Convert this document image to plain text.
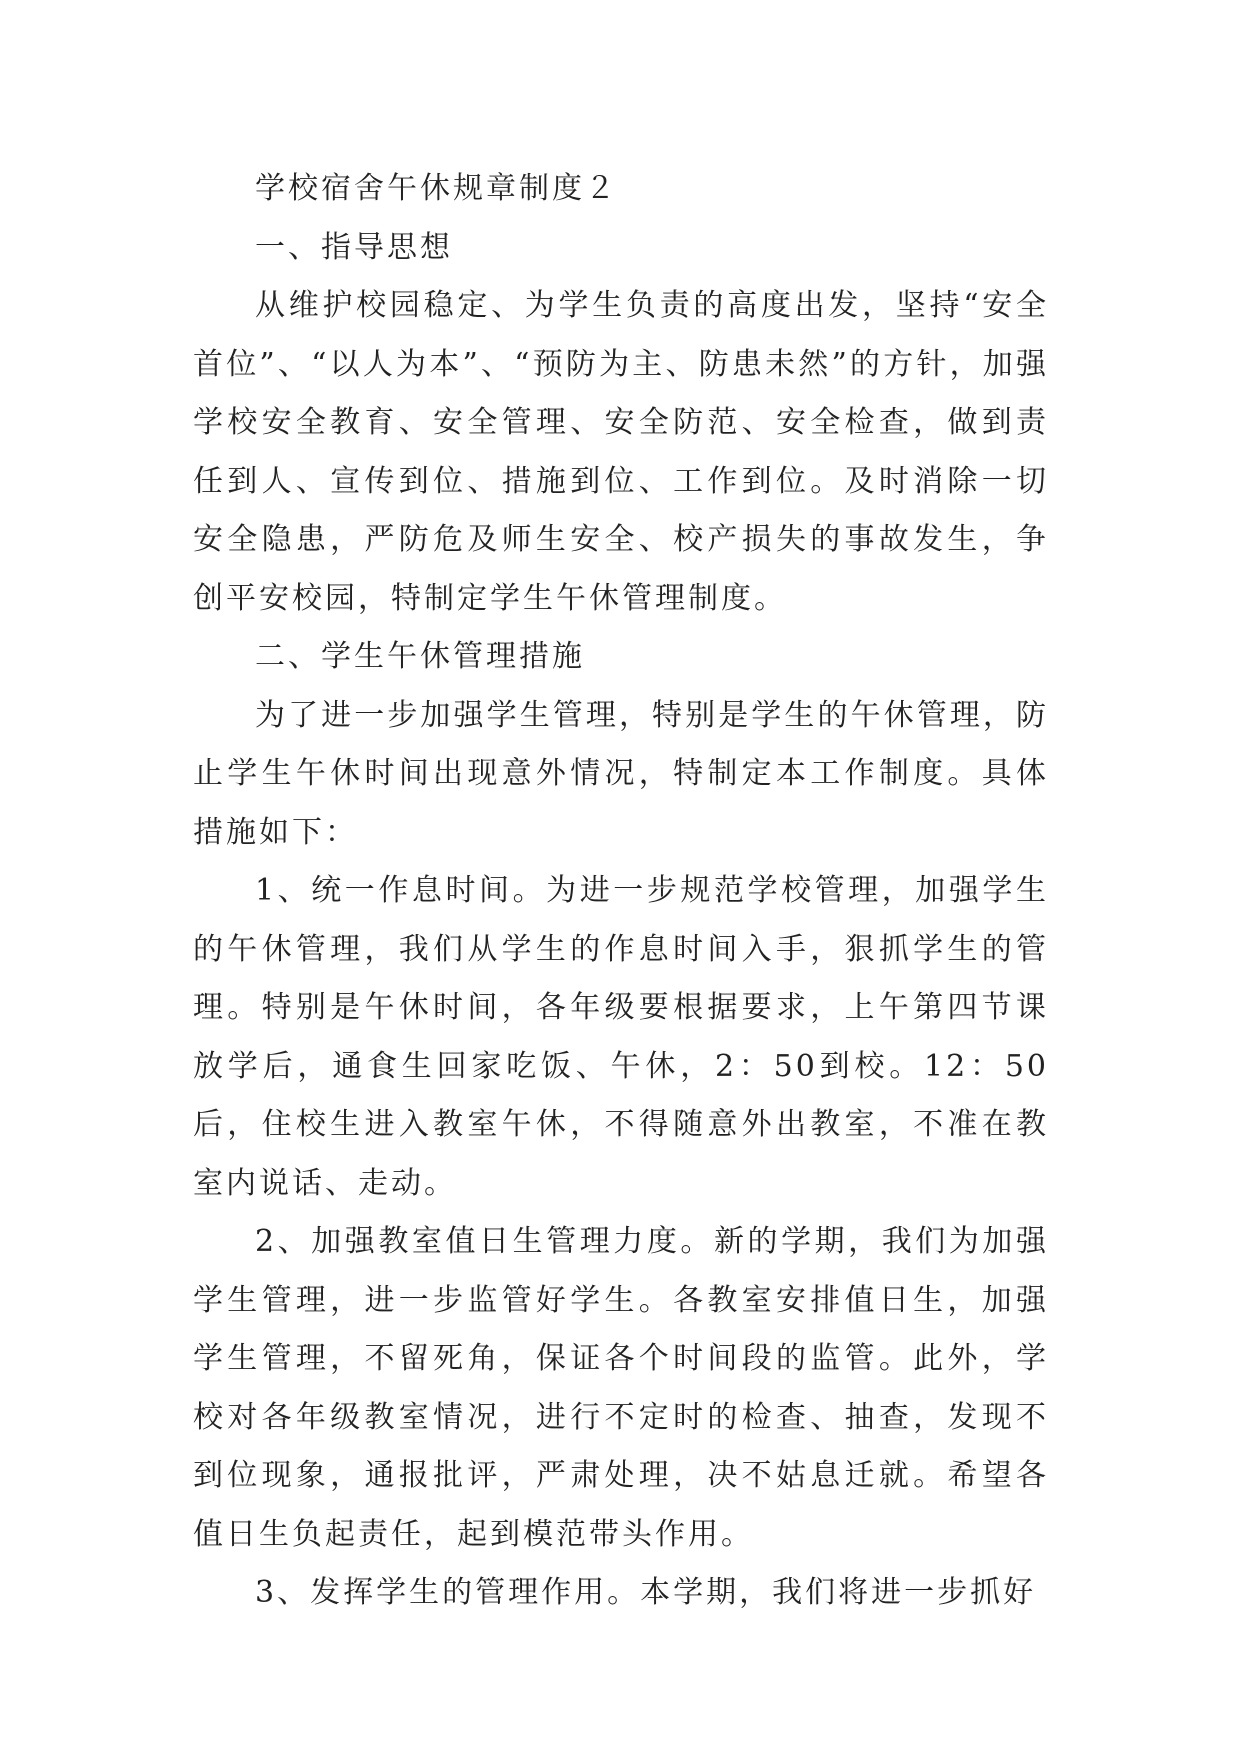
学校宿舍午休规章制度２

一、指导思想

从维护校园稳定、为学生负责的高度出发，坚持“安全首位”、“以人为本”、“预防为主、防患未然”的方针，加强学校安全教育、安全管理、安全防范、安全检查，做到责任到人、宣传到位、措施到位、工作到位。及时消除一切安全隐患，严防危及师生安全、校产损失的事故发生，争创平安校园，特制定学生午休管理制度。

二、学生午休管理措施

为了进一步加强学生管理，特别是学生的午休管理，防止学生午休时间出现意外情况，特制定本工作制度。具体措施如下：

1、统一作息时间。为进一步规范学校管理，加强学生的午休管理，我们从学生的作息时间入手，狠抓学生的管理。特别是午休时间，各年级要根据要求，上午第四节课放学后，通食生回家吃饭、午休，2：50到校。12：50后，住校生进入教室午休，不得随意外出教室，不准在教室内说话、走动。

2、加强教室值日生管理力度。新的学期，我们为加强学生管理，进一步监管好学生。各教室安排值日生，加强学生管理，不留死角，保证各个时间段的监管。此外，学校对各年级教室情况，进行不定时的检查、抽查，发现不到位现象，通报批评，严肃处理，决不姑息迁就。希望各值日生负起责任，起到模范带头作用。

3、发挥学生的管理作用。本学期，我们将进一步抓好
